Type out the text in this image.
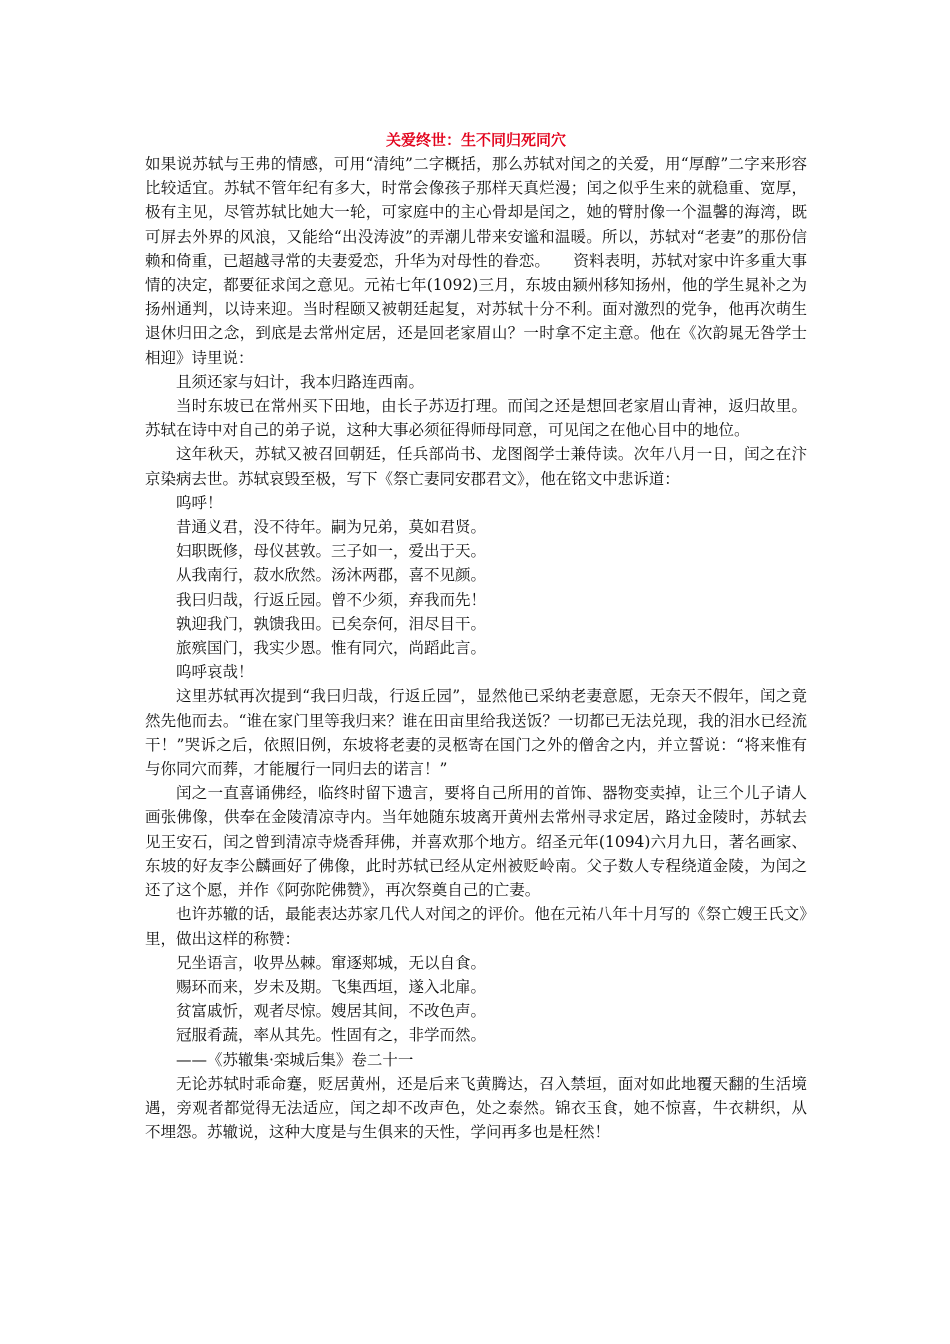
关爱终世：生不同归死同穴

如果说苏轼与王弗的情感，可用“清纯”二字概括，那么苏轼对闰之的关爱，用“厚醇”二字来形容比较适宜。苏轼不管年纪有多大，时常会像孩子那样天真烂漫；闰之似乎生来的就稳重、宽厚，极有主见，尽管苏轼比她大一轮，可家庭中的主心骨却是闰之，她的臂肘像一个温馨的海湾，既可屏去外界的风浪，又能给“出没涛波”的弄潮儿带来安谧和温暖。所以，苏轼对“老妻”的那份信赖和倚重，已超越寻常的夫妻爱恋，升华为对母性的眷恋。　　资料表明，苏轼对家中许多重大事情的决定，都要征求闰之意见。元祐七年(1092)三月，东坡由颍州移知扬州，他的学生晁补之为扬州通判，以诗来迎。当时程颐又被朝廷起复，对苏轼十分不利。面对激烈的党争，他再次萌生退休归田之念，到底是去常州定居，还是回老家眉山？一时拿不定主意。他在《次韵晁无咎学士相迎》诗里说：

且须还家与妇计，我本归路连西南。

当时东坡已在常州买下田地，由长子苏迈打理。而闰之还是想回老家眉山青神，返归故里。苏轼在诗中对自己的弟子说，这种大事必须征得师母同意，可见闰之在他心目中的地位。

这年秋天，苏轼又被召回朝廷，任兵部尚书、龙图阁学士兼侍读。次年八月一日，闰之在汴京染病去世。苏轼哀毁至极，写下《祭亡妻同安郡君文》，他在铭文中悲诉道：

呜呼！

昔通义君，没不待年。嗣为兄弟，莫如君贤。

妇职既修，母仪甚敦。三子如一，爱出于天。

从我南行，菽水欣然。汤沐两郡，喜不见颜。

我曰归哉，行返丘园。曾不少须，弃我而先！

孰迎我门，孰馈我田。已矣奈何，泪尽目干。

旅殡国门，我实少恩。惟有同穴，尚蹈此言。

呜呼哀哉！

这里苏轼再次提到“我曰归哉，行返丘园”，显然他已采纳老妻意愿，无奈天不假年，闰之竟然先他而去。“谁在家门里等我归来？谁在田亩里给我送饭？一切都已无法兑现，我的泪水已经流干！”哭诉之后，依照旧例，东坡将老妻的灵柩寄在国门之外的僧舍之内，并立誓说：“将来惟有与你同穴而葬，才能履行一同归去的诺言！”

闰之一直喜诵佛经，临终时留下遗言，要将自己所用的首饰、器物变卖掉，让三个儿子请人画张佛像，供奉在金陵清凉寺内。当年她随东坡离开黄州去常州寻求定居，路过金陵时，苏轼去见王安石，闰之曾到清凉寺烧香拜佛，并喜欢那个地方。绍圣元年(1094)六月九日，著名画家、东坡的好友李公麟画好了佛像，此时苏轼已经从定州被贬岭南。父子数人专程绕道金陵，为闰之还了这个愿，并作《阿弥陀佛赞》，再次祭奠自己的亡妻。

也许苏辙的话，最能表达苏家几代人对闰之的评价。他在元祐八年十月写的《祭亡嫂王氏文》里，做出这样的称赞：

兄坐语言，收畀丛棘。窜逐郏城，无以自食。

赐环而来，岁未及期。飞集西垣，遂入北扉。

贫富戚忻，观者尽惊。嫂居其间，不改色声。

冠服肴蔬，率从其先。性固有之，非学而然。

——《苏辙集·栾城后集》卷二十一

无论苏轼时乖命蹇，贬居黄州，还是后来飞黄腾达，召入禁垣，面对如此地覆天翻的生活境遇，旁观者都觉得无法适应，闰之却不改声色，处之泰然。锦衣玉食，她不惊喜，牛衣耕织，从不埋怨。苏辙说，这种大度是与生俱来的天性，学问再多也是枉然！
